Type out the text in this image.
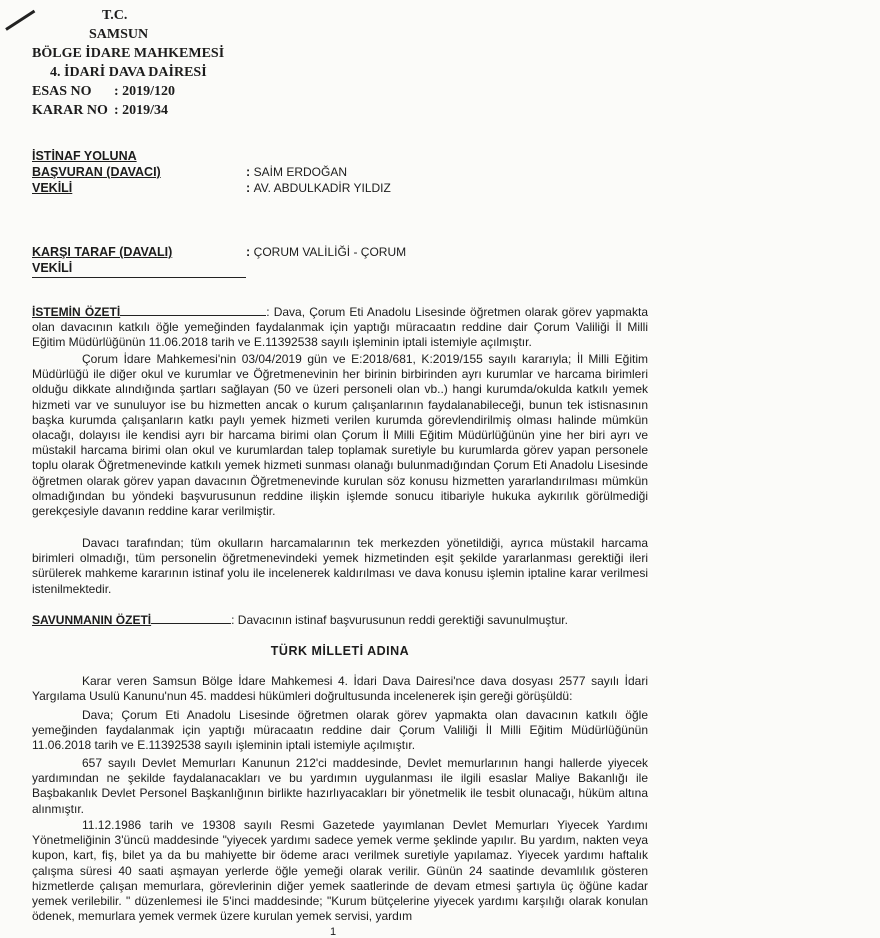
T.C.
SAMSUN
BÖLGE İDARE MAHKEMESİ
4. İDARİ DAVA DAİRESİ
ESAS NO : 2019/120
KARAR NO : 2019/34
İSTİNAF YOLUNA
BAŞVURAN (DAVACI)	: SAİM ERDOĞAN
VEKİLİ	: AV. ABDULKADİR YILDIZ
KARŞI TARAF (DAVALI)	: ÇORUM VALİLİĞİ - ÇORUM
VEKİLİ
İSTEMİN ÖZETİ	: Dava, Çorum Eti Anadolu Lisesinde öğretmen olarak görev yapmakta olan davacının katkılı öğle yemeğinden faydalanmak için yaptığı müracaatın reddine dair Çorum Valiliği İl Milli Eğitim Müdürlüğünün 11.06.2018 tarih ve E.11392538 sayılı işleminin iptali istemiyle açılmıştır.
Çorum İdare Mahkemesi'nin 03/04/2019 gün ve E:2018/681, K:2019/155 sayılı kararıyla; İl Milli Eğitim Müdürlüğü ile diğer okul ve kurumlar ve Öğretmenevinin her birinin birbirinden ayrı kurumlar ve harcama birimleri olduğu dikkate alındığında şartları sağlayan (50 ve üzeri personeli olan vb..) hangi kurumda/okulda katkılı yemek hizmeti var ve sunuluyor ise bu hizmetten ancak o kurum çalışanlarının faydalanabileceği, bunun tek istisnasının başka kurumda çalışanların katkı paylı yemek hizmeti verilen kurumda görevlendirilmiş olması halinde mümkün olacağı, dolayısı ile kendisi ayrı bir harcama birimi olan Çorum İl Milli Eğitim Müdürlüğünün yine her biri ayrı ve müstakil harcama birimi olan okul ve kurumlardan talep toplamak suretiyle bu kurumlarda görev yapan personele toplu olarak Öğretmenevinde katkılı yemek hizmeti sunması olanağı bulunmadığından Çorum Eti Anadolu Lisesinde öğretmen olarak görev yapan davacının Öğretmenevinde kurulan söz konusu hizmetten yararlandırılması mümkün olmadığından bu yöndeki başvurusunun reddine ilişkin işlemde sonucu itibariyle hukuka aykırılık görülmediği gerekçesiyle davanın reddine karar verilmiştir.
Davacı tarafından; tüm okulların harcamalarının tek merkezden yönetildiği, ayrıca müstakil harcama birimleri olmadığı, tüm personelin öğretmenevindeki yemek hizmetinden eşit şekilde yararlanması gerektiği ileri sürülerek mahkeme kararının istinaf yolu ile incelenerek kaldırılması ve dava konusu işlemin iptaline karar verilmesi istenilmektedir.
SAVUNMANIN ÖZETİ	: Davacının istinaf başvurusunun reddi gerektiği savunulmuştur.
TÜRK MİLLETİ ADINA
Karar veren Samsun Bölge İdare Mahkemesi 4. İdari Dava Dairesi'nce dava dosyası 2577 sayılı İdari Yargılama Usulü Kanunu'nun 45. maddesi hükümleri doğrultusunda incelenerek işin gereği görüşüldü:
Dava; Çorum Eti Anadolu Lisesinde öğretmen olarak görev yapmakta olan davacının katkılı öğle yemeğinden faydalanmak için yaptığı müracaatın reddine dair Çorum Valiliği İl Milli Eğitim Müdürlüğünün 11.06.2018 tarih ve E.11392538 sayılı işleminin iptali istemiyle açılmıştır.
657 sayılı Devlet Memurları Kanunun 212'ci maddesinde, Devlet memurlarının hangi hallerde yiyecek yardımından ne şekilde faydalanacakları ve bu yardımın uygulanması ile ilgili esaslar Maliye Bakanlığı ile Başbakanlık Devlet Personel Başkanlığının birlikte hazırlıyacakları bir yönetmelik ile tesbit olunacağı, hüküm altına alınmıştır.
11.12.1986 tarih ve 19308 sayılı Resmi Gazetede yayımlanan Devlet Memurları Yiyecek Yardımı Yönetmeliğinin 3'üncü maddesinde "yiyecek yardımı sadece yemek verme şeklinde yapılır. Bu yardım, nakten veya kupon, kart, fiş, bilet ya da bu mahiyette bir ödeme aracı verilmek suretiyle yapılamaz. Yiyecek yardımı haftalık çalışma süresi 40 saati aşmayan yerlerde öğle yemeği olarak verilir. Günün 24 saatinde devamlılık gösteren hizmetlerde çalışan memurlara, görevlerinin diğer yemek saatlerinde de devam etmesi şartıyla üç öğüne kadar yemek verilebilir. " düzenlemesi ile 5'inci maddesinde; "Kurum bütçelerine yiyecek yardımı karşılığı olarak konulan ödenek, memurlara yemek vermek üzere kurulan yemek servisi, yardım
1
